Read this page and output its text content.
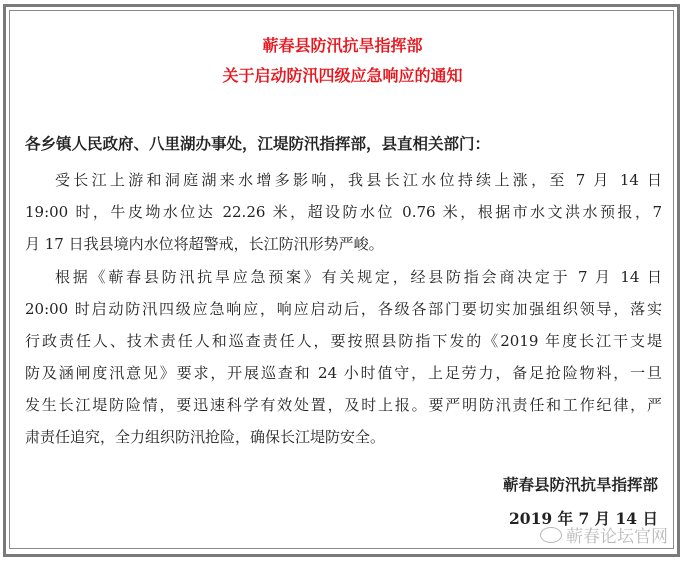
蕲春县防汛抗旱指挥部
关于启动防汛四级应急响应的通知
各乡镇人民政府、八里湖办事处，江堤防汛指挥部，县直相关部门：
受长江上游和洞庭湖来水增多影响，我县长江水位持续上涨，至 7 月 14 日
19:00 时，牛皮坳水位达 22.26 米，超设防水位 0.76 米，根据市水文洪水预报，7
月 17 日我县境内水位将超警戒，长江防汛形势严峻。
根据《蕲春县防汛抗旱应急预案》有关规定，经县防指会商决定于 7 月 14 日
20:00 时启动防汛四级应急响应，响应启动后，各级各部门要切实加强组织领导，落实
行政责任人、技术责任人和巡查责任人，要按照县防指下发的《2019 年度长江干支堤
防及涵闸度汛意见》要求，开展巡查和 24 小时值守，上足劳力，备足抢险物料，一旦
发生长江堤防险情，要迅速科学有效处置，及时上报。要严明防汛责任和工作纪律，严
肃责任追究，全力组织防汛抢险，确保长江堤防安全。
蕲春县防汛抗旱指挥部
2019 年 7 月 14 日
蕲春论坛官网
